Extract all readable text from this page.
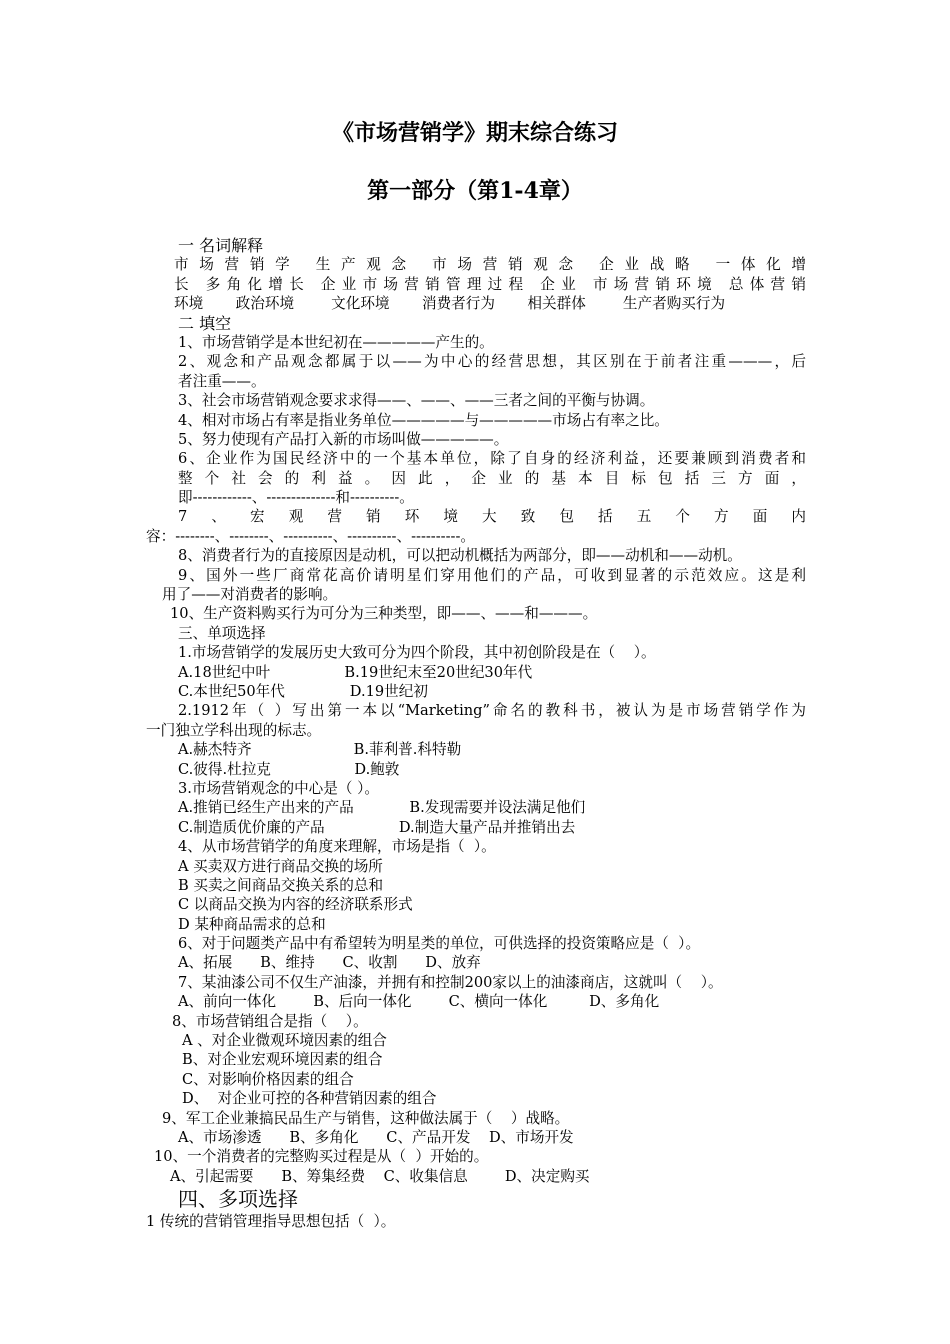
《市场营销学》期末综合练习
第一部分（第1-4章）
一 名词解释
市场营销学 生产观念 市场营销观念 企业战略 一体化增
长 多角化增长 企业市场营销管理过程 企业 市场营销环境 总体营销
环境       政治环境        文化环境       消费者行为       相关群体        生产者购买行为
二 填空
1、市场营销学是本世纪初在—————产生的。
2、观念和产品观念都属于以——为中心的经营思想，其区别在于前者注重———，后
者注重——。
3、社会市场营销观念要求求得——、——、——三者之间的平衡与协调。
4、相对市场占有率是指业务单位—————与—————市场占有率之比。
5、努力使现有产品打入新的市场叫做—————。
6、企业作为国民经济中的一个基本单位，除了自身的经济利益，还要兼顾到消费者和
整个社会的利益。因此，企业的基本目标包括三方面，
即------------、--------------和----------。
7、宏观营销环境大致包括五个方面内
容：--------、--------、----------、----------、----------。
8、消费者行为的直接原因是动机，可以把动机概括为两部分，即——动机和——动机。
9、国外一些厂商常花高价请明星们穿用他们的产品，可收到显著的示范效应。这是利
用了——对消费者的影响。
10、生产资料购买行为可分为三种类型，即——、——和———。
三、单项选择
1.市场营销学的发展历史大致可分为四个阶段，其中初创阶段是在（    ）。
A.18世纪中叶                B.19世纪末至20世纪30年代
C.本世纪50年代              D.19世纪初
2.1912年（ ）写出第一本以“Marketing”命名的教科书，被认为是市场营销学作为
一门独立学科出现的标志。
A.赫杰特齐                      B.菲利普.科特勒
C.彼得.杜拉克                  D.鲍敦
3.市场营销观念的中心是（ ）。
A.推销已经生产出来的产品            B.发现需要并设法满足他们
C.制造质优价廉的产品                D.制造大量产品并推销出去
4、从市场营销学的角度来理解，市场是指（  ）。
A 买卖双方进行商品交换的场所
B 买卖之间商品交换关系的总和
C 以商品交换为内容的经济联系形式
D 某种商品需求的总和
6、对于问题类产品中有希望转为明星类的单位，可供选择的投资策略应是（  ）。
A、拓展      B、维持      C、收割      D、放弃
7、某油漆公司不仅生产油漆，并拥有和控制200家以上的油漆商店，这就叫（    ）。
A、前向一体化        B、后向一体化        C、横向一体化         D、多角化
8、市场营销组合是指（    ）。
A 、对企业微观环境因素的组合
B、对企业宏观环境因素的组合
C、对影响价格因素的组合
D、  对企业可控的各种营销因素的组合
9、军工企业兼搞民品生产与销售，这种做法属于（    ）战略。
A、市场渗透      B、多角化      C、产品开发    D、市场开发
10、一个消费者的完整购买过程是从（  ）开始的。
A、引起需要      B、筹集经费    C、收集信息        D、决定购买
四、多项选择
1 传统的营销管理指导思想包括（  ）。
